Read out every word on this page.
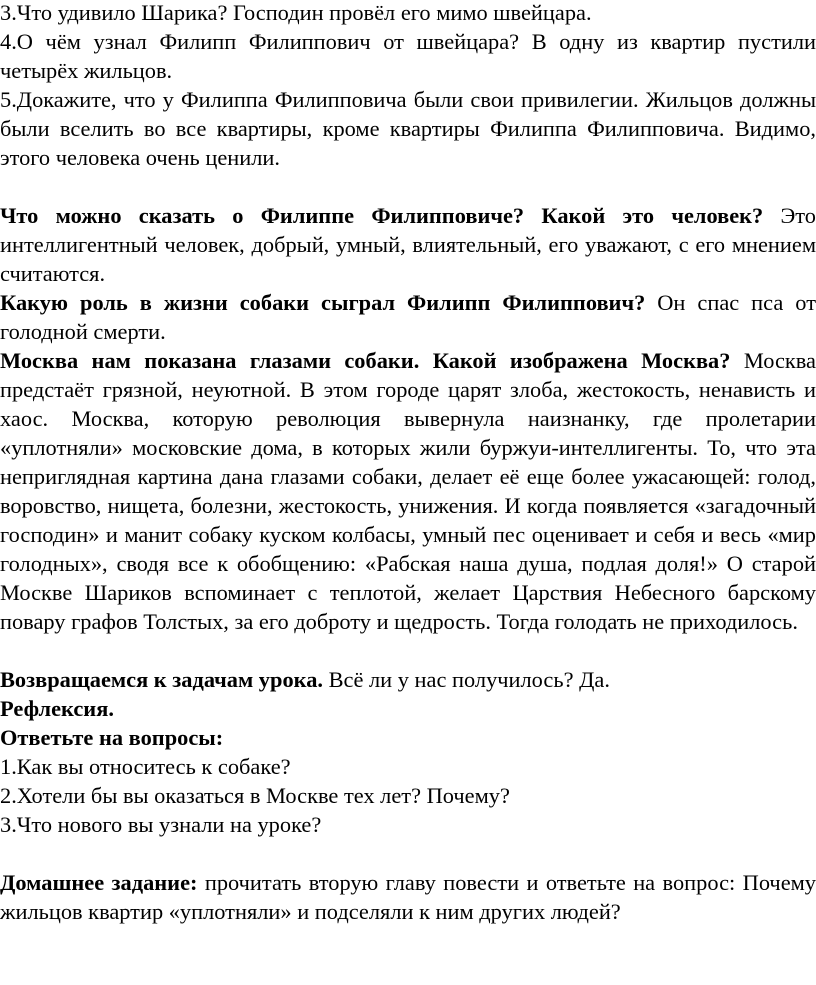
3.Что удивило Шарика? Господин провёл его мимо швейцара.

4.О чём узнал Филипп Филиппович от швейцара? В одну из квартир пустили четырёх жильцов.

5.Докажите, что у Филиппа Филипповича были свои привилегии. Жильцов должны были вселить во все квартиры, кроме квартиры Филиппа Филипповича. Видимо, этого человека очень ценили.

Что можно сказать о Филиппе Филипповиче? Какой это человек? Это интеллигентный человек, добрый, умный, влиятельный, его уважают, с его мнением считаются.

Какую роль в жизни собаки сыграл Филипп Филиппович? Он спас пса от голодной смерти.

Москва нам показана глазами собаки. Какой изображена Москва? Москва предстаёт грязной, неуютной. В этом городе царят злоба, жестокость, ненависть и хаос. Москва, которую революция вывернула наизнанку, где пролетарии «уплотняли» московские дома, в которых жили буржуи-интеллигенты. То, что эта неприглядная картина дана глазами собаки, делает её еще более ужасающей: голод, воровство, нищета, болезни, жестокость, унижения. И когда появляется «загадочный господин» и манит собаку куском колбасы, умный пес оценивает и себя и весь «мир голодных», сводя все к обобщению: «Рабская наша душа, подлая доля!» О старой Москве Шариков вспоминает с теплотой, желает Царствия Небесного барскому повару графов Толстых, за его доброту и щедрость. Тогда голодать не приходилось.

Возвращаемся к задачам урока. Всё ли у нас получилось? Да.

Рефлексия.

Ответьте на вопросы:

1.Как вы относитесь к собаке?

2.Хотели бы вы оказаться в Москве тех лет? Почему?

3.Что нового вы узнали на уроке?

Домашнее задание: прочитать вторую главу повести и ответьте на вопрос: Почему жильцов квартир «уплотняли» и подселяли к ним других людей?
